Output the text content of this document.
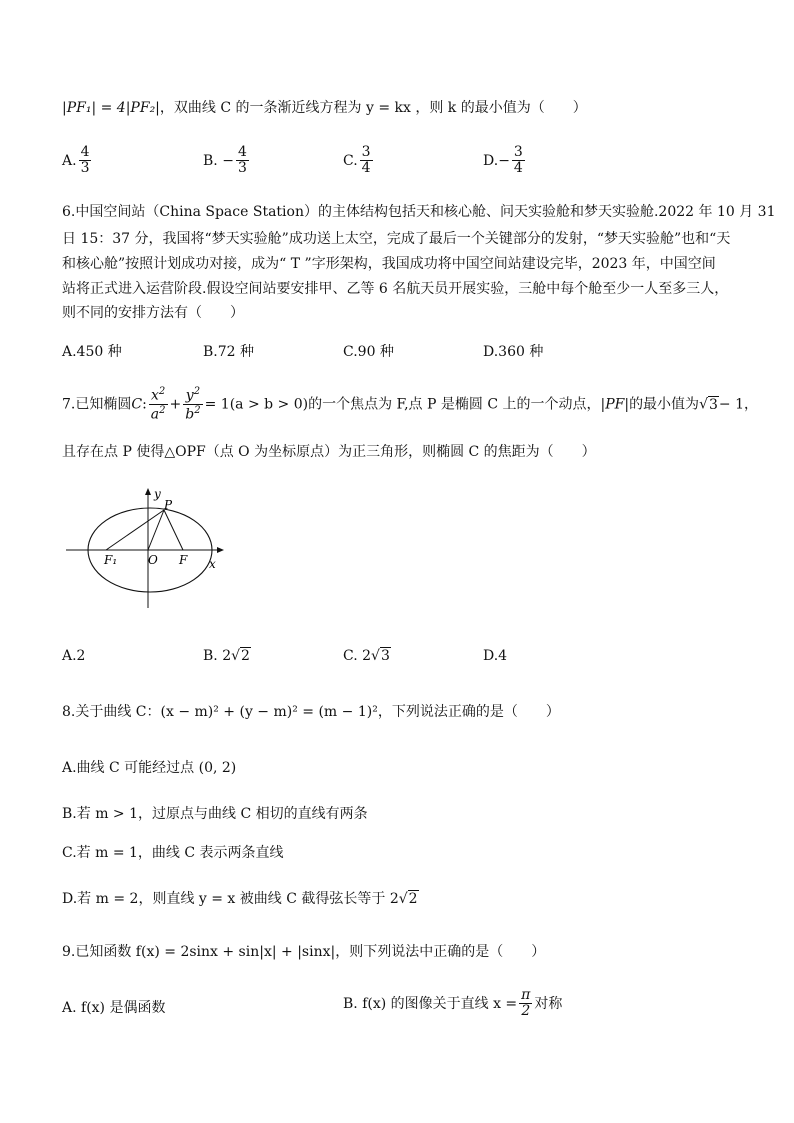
|PF₁| = 4|PF₂|，双曲线 C 的一条渐近线方程为 y = kx ，则 k 的最小值为（　　）
A. $\frac{4}{3}$	B. − $\frac{4}{3}$	C. $\frac{3}{4}$	$D.- \frac{3}{4}$
6.中国空间站（China Space Station）的主体结构包括天和核心舱、问天实验舱和梦天实验舱.2022 年 10 月 31
日 15：37 分，我国将“梦天实验舱”成功送上太空，完成了最后一个关键部分的发射，“梦天实验舱”也和“天
和核心舱”按照计划成功对接，成为“ T ”字形架构，我国成功将中国空间站建设完毕，2023 年，中国空间
站将正式进入运营阶段.假设空间站要安排甲、乙等 6 名航天员开展实验，三舱中每个舱至少一人至多三人，
则不同的安排方法有（　　）
A.450 种	B.72 种	C.90 种	D.360 种
7.已知椭圆C: $\frac{x^2}{a^2} + \frac{y^2}{b^2} = 1(a > b > 0)$的一个焦点为 F,点 P 是椭圆 C 上的一个动点，|PF|的最小值为√3− 1，
且存在点 P 使得△OPF（点 O 为坐标原点）为正三角形，则椭圆 C 的焦距为（　　）
y
P
F₁	O F x
A.2	B. 2√2	C. 2√3	D.4
8.关于曲线 C：(x − m)² + (y − m)² = (m − 1)²，下列说法正确的是（　　）
A.曲线 C 可能经过点 (0, 2)
B.若 m > 1，过原点与曲线 C 相切的直线有两条
C.若 m = 1，曲线 C 表示两条直线
D.若 m = 2，则直线 y = x 被曲线 C 截得弦长等于 2√2
9.已知函数 f(x) = 2sinx + sin|x| + |sinx|，则下列说法中正确的是（　　）
A. f(x) 是偶函数	B. f(x) 的图像关于直线 $x = \frac{\pi}{2}$ 对称
